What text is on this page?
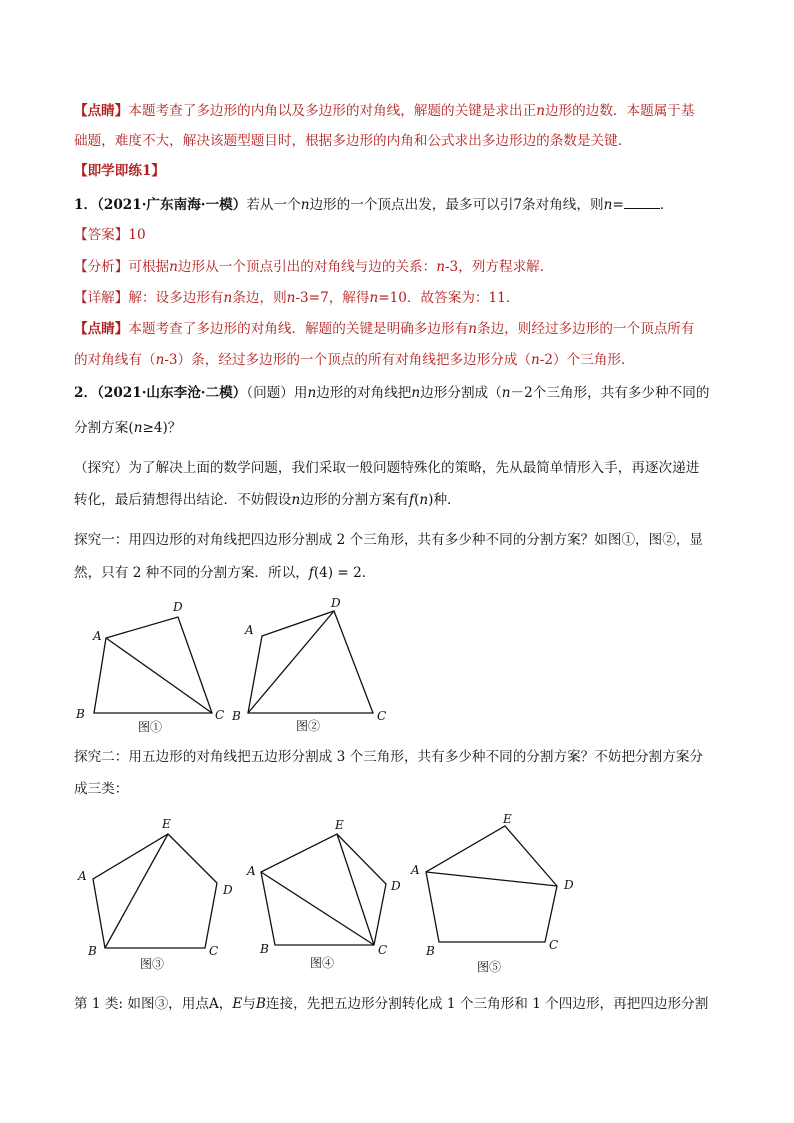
【点睛】本题考查了多边形的内角以及多边形的对角线，解题的关键是求出正n边形的边数．本题属于基
础题，难度不大，解决该题型题目时，根据多边形的内角和公式求出多边形边的条数是关键．
【即学即练1】
1．（2021·广东南海·一模）若从一个n边形的一个顶点出发，最多可以引7条对角线，则n=	．
【答案】10
【分析】可根据n边形从一个顶点引出的对角线与边的关系：n-3，列方程求解．
【详解】解：设多边形有n条边，则n-3=7，解得n=10．故答案为：11．
【点睛】本题考查了多边形的对角线．解题的关键是明确多边形有n条边，则经过多边形的一个顶点所有
的对角线有（n-3）条，经过多边形的一个顶点的所有对角线把多边形分成（n-2）个三角形．
2．（2021·山东李沧·二模）（问题）用n边形的对角线把n边形分割成（n－2个三角形，共有多少种不同的
分割方案(n≥4)？
（探究）为了解决上面的数学问题，我们采取一般问题特殊化的策略，先从最简单情形入手，再逐次递进
转化，最后猜想得出结论．不妨假设n边形的分割方案有f(n)种．
探究一：用四边形的对角线把四边形分割成 2 个三角形，共有多少种不同的分割方案？如图①，图②，显
然，只有 2 种不同的分割方案．所以，f(4) = 2．
A
B	C
D
图①
A
B	C
D
图②
探究二：用五边形的对角线把五边形分割成 3 个三角形，共有多少种不同的分割方案？不妨把分割方案分
成三类：
A
B	C
D
E
图③
A
B	C
D
E
图④
A
B	C
D
E
图⑤
第 1 类: 如图③，用点A，E与B连接，先把五边形分割转化成 1 个三角形和 1 个四边形，再把四边形分割
